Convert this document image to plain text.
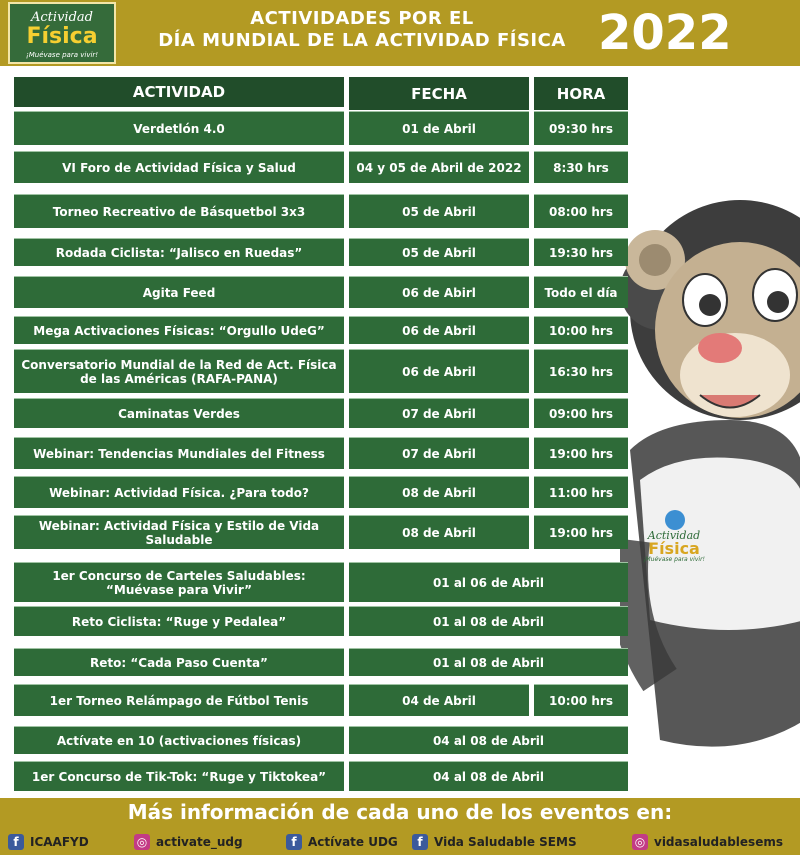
Actividad
Física
¡Muévase para vivir!
ACTIVIDADES POR EL
DÍA MUNDIAL DE LA ACTIVIDAD FÍSICA 2022
Actividad
Física
¡Muévase para vivir!
ACTIVIDAD	FECHA	HORA
Verdetlón 4.0	01 de Abril	09:30 hrs
VI Foro de Actividad Física y Salud	04 y 05 de Abril de 2022	8:30 hrs
Torneo Recreativo de Básquetbol 3x3	05 de Abril	08:00 hrs
Rodada Ciclista: “Jalisco en Ruedas”	05 de Abril	19:30 hrs
Agita Feed	06 de Abirl	Todo el día
Mega Activaciones Físicas: “Orgullo UdeG”	06 de Abril	10:00 hrs
Conversatorio Mundial de la Red de Act. Física de las Américas (RAFA-PANA)	06 de Abril	16:30 hrs
Caminatas Verdes	07 de Abril	09:00 hrs
Webinar: Tendencias Mundiales del Fitness	07 de Abril	19:00 hrs
Webinar: Actividad Física. ¿Para todo?	08 de Abril	11:00 hrs
Webinar: Actividad Física y Estilo de Vida Saludable	08 de Abril	19:00 hrs
1er Concurso de Carteles Saludables: “Muévase para Vivir”	01 al 06 de Abril
Reto Ciclista: “Ruge y Pedalea”	01 al 08 de Abril
Reto: “Cada Paso Cuenta”	01 al 08 de Abril
1er Torneo Relámpago de Fútbol Tenis	04 de Abril	10:00 hrs
Actívate en 10 (activaciones físicas)	04 al 08 de Abril
1er Concurso de Tik-Tok: “Ruge y Tiktokea”	04 al 08 de Abril
Más información de cada uno de los eventos en:
f ICAAFYD	◎ activate_udg	f Actívate UDG	f Vida Saludable SEMS	◎ vidasaludablesems
